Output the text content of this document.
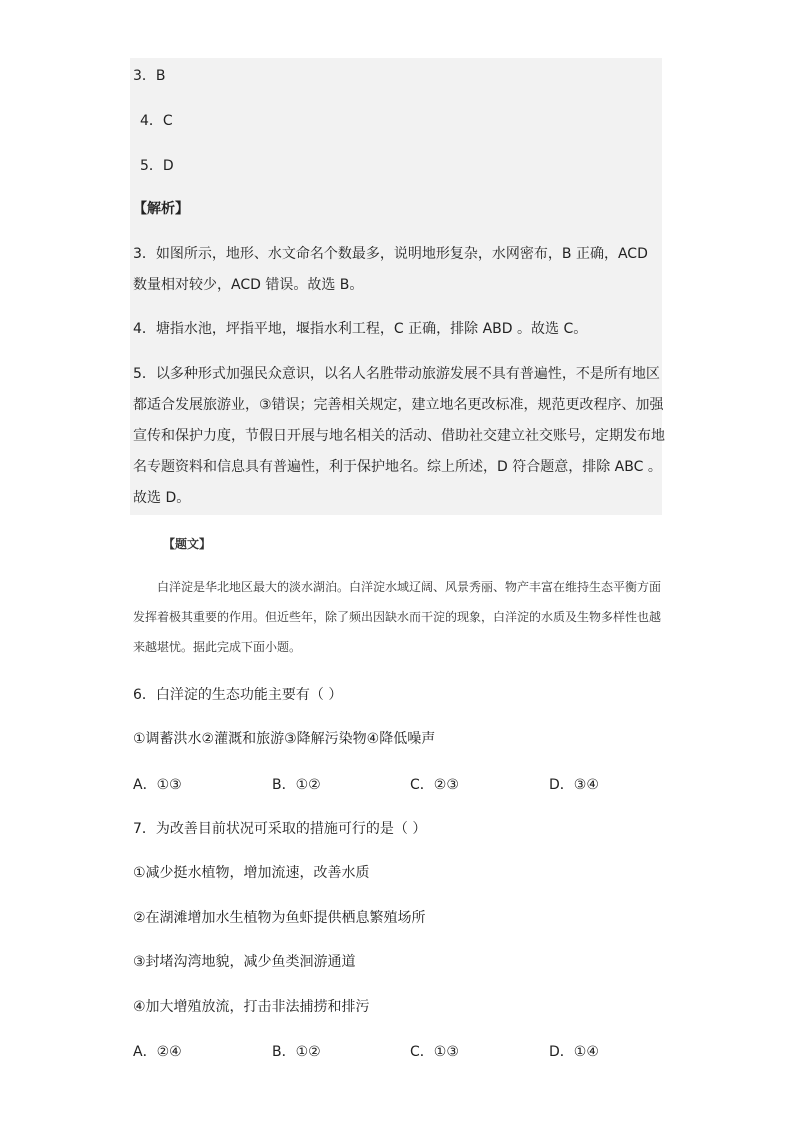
3．B
4．C
5．D
【解析】
3．如图所示，地形、水文命名个数最多，说明地形复杂，水网密布，B 正确，ACD 数量相对较少，ACD 错误。故选 B。
4．塘指水池，坪指平地，堰指水利工程，C 正确，排除 ABD 。故选 C。
5．以多种形式加强民众意识，以名人名胜带动旅游发展不具有普遍性，不是所有地区都适合发展旅游业，③错误；完善相关规定，建立地名更改标准，规范更改程序、加强宣传和保护力度，节假日开展与地名相关的活动、借助社交建立社交账号，定期发布地名专题资料和信息具有普遍性，利于保护地名。综上所述，D 符合题意，排除 ABC 。故选 D。
【题文】
白洋淀是华北地区最大的淡水湖泊。白洋淀水域辽阔、风景秀丽、物产丰富在维持生态平衡方面发挥着极其重要的作用。但近些年，除了频出因缺水而干淀的现象，白洋淀的水质及生物多样性也越来越堪忧。据此完成下面小题。
6．白洋淀的生态功能主要有（ ）
①调蓄洪水②灌溉和旅游③降解污染物④降低噪声
A．①③	B．①②	C．②③	D．③④
7．为改善目前状况可采取的措施可行的是（ ）
①减少挺水植物，增加流速，改善水质
②在湖滩增加水生植物为鱼虾提供栖息繁殖场所
③封堵沟湾地貌，减少鱼类洄游通道
④加大增殖放流，打击非法捕捞和排污
A．②④	B．①②	C．①③	D．①④
